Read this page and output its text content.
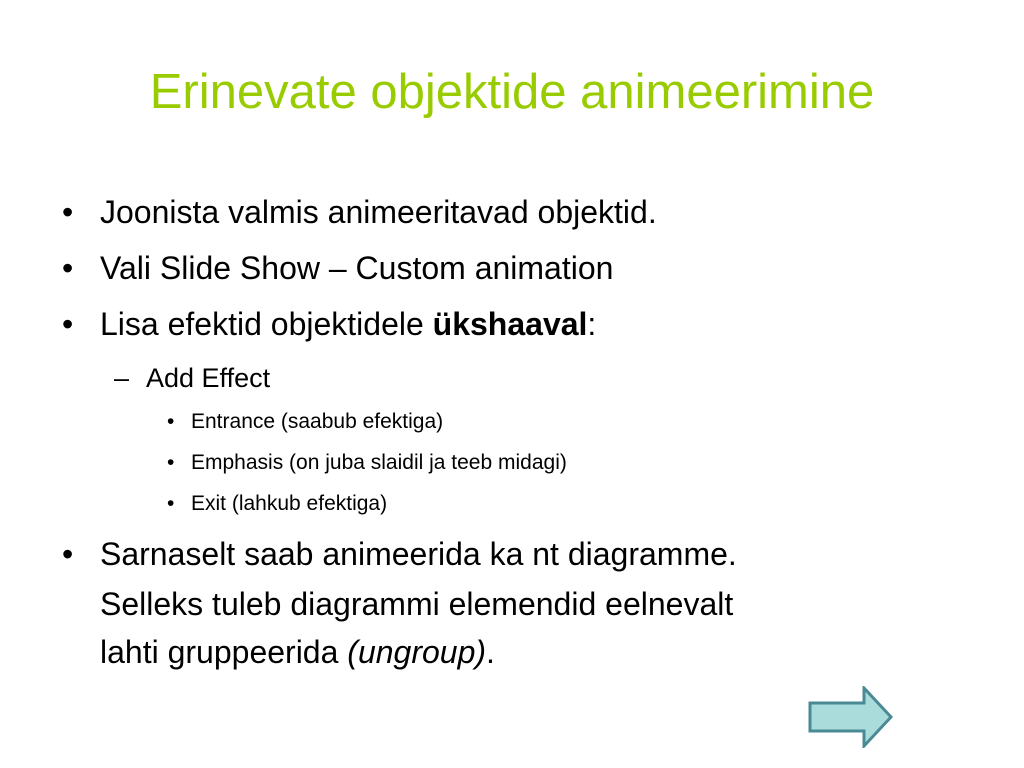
Erinevate objektide animeerimine
• Joonista valmis animeeritavad objektid.
• Vali Slide Show – Custom animation
• Lisa efektid objektidele ükshaaval:
– Add Effect
• Entrance (saabub efektiga)
• Emphasis (on juba slaidil ja teeb midagi)
• Exit (lahkub efektiga)
• Sarnaselt saab animeerida ka nt diagramme.
Selleks tuleb diagrammi elemendid eelnevalt
lahti gruppeerida (ungroup).
